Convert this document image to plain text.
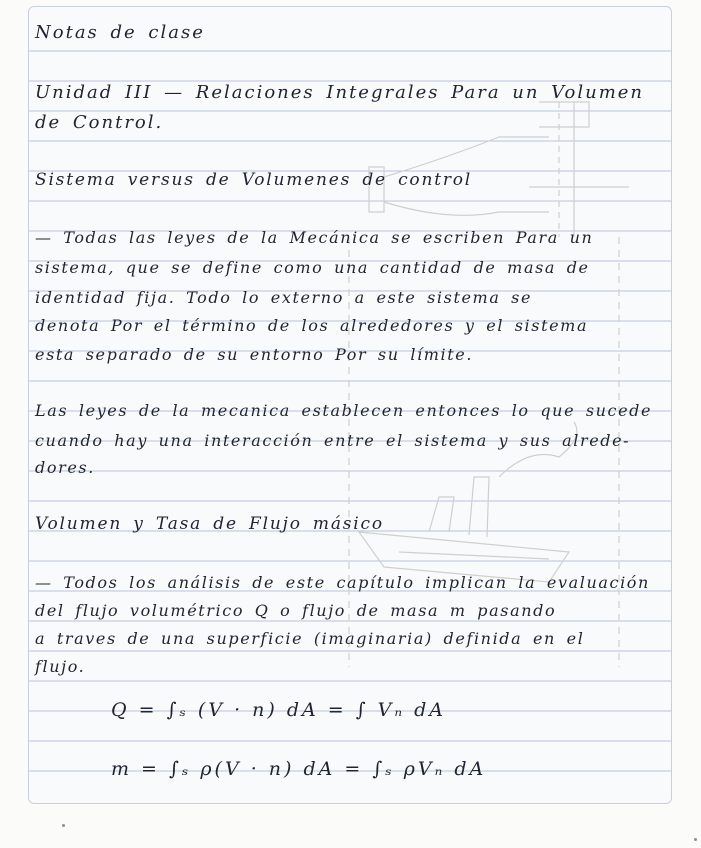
Notas de clase
Unidad III — Relaciones Integrales Para un Volumen
de Control.
Sistema versus de Volumenes de control
— Todas las leyes de la Mecánica se escriben Para un
sistema, que se define como una cantidad de masa de
identidad fija. Todo lo externo a este sistema se
denota Por el término de los alrededores y el sistema
esta separado de su entorno Por su límite.
Las leyes de la mecanica establecen entonces lo que sucede
cuando hay una interacción entre el sistema y sus alrede-
dores.
Volumen y Tasa de Flujo másico
— Todos los análisis de este capítulo implican la evaluación
del flujo volumétrico Q o flujo de masa m pasando
a traves de una superficie (imaginaria) definida en el
flujo.
Q = ∫ₛ (V · n) dA = ∫ Vₙ dA
m = ∫ₛ ρ(V · n) dA = ∫ₛ ρVₙ dA
